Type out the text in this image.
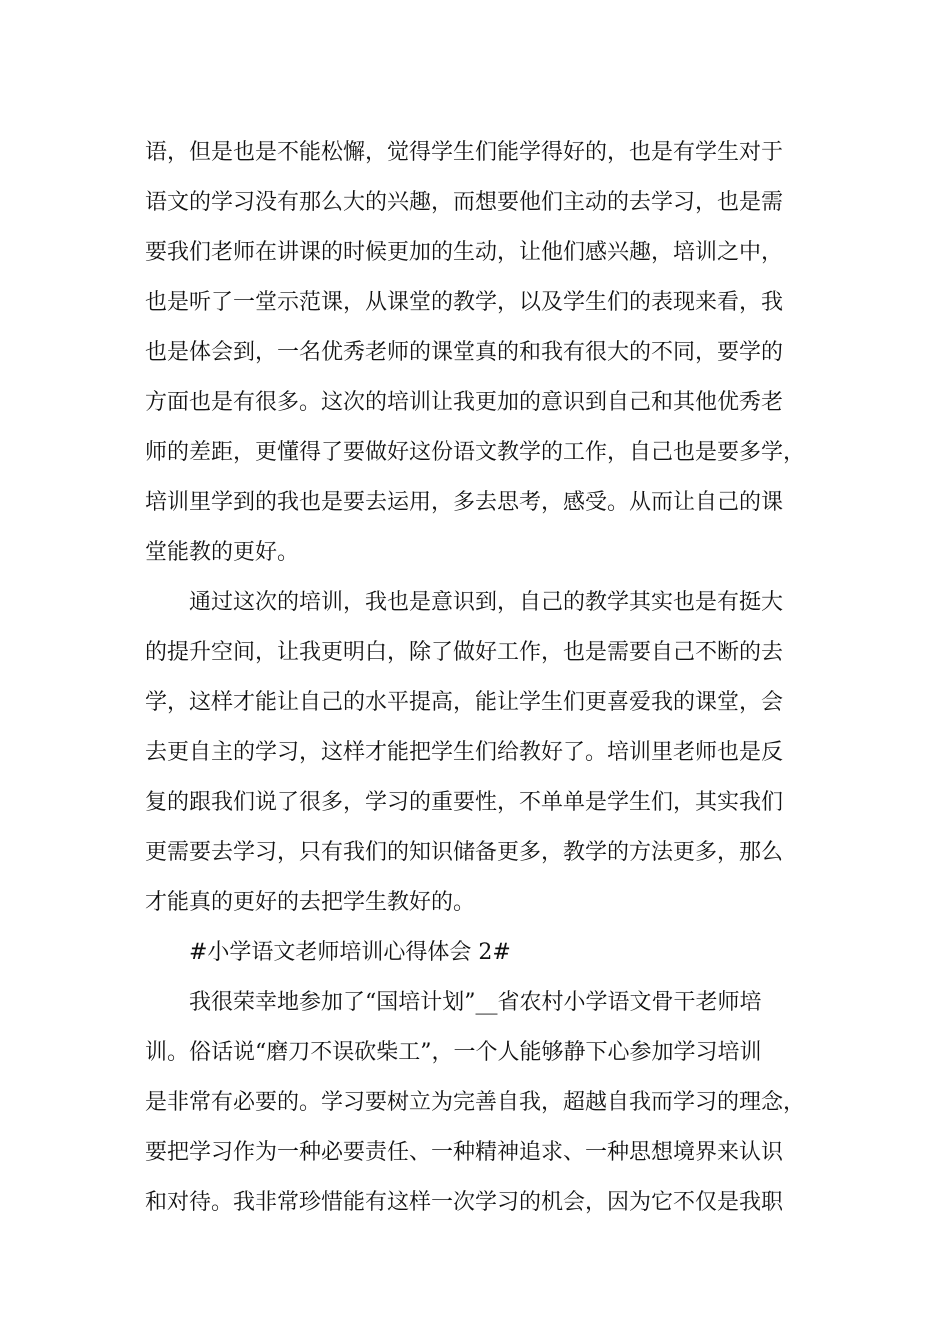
语，但是也是不能松懈，觉得学生们能学得好的，也是有学生对于
语文的学习没有那么大的兴趣，而想要他们主动的去学习，也是需
要我们老师在讲课的时候更加的生动，让他们感兴趣，培训之中，
也是听了一堂示范课，从课堂的教学，以及学生们的表现来看，我
也是体会到，一名优秀老师的课堂真的和我有很大的不同，要学的
方面也是有很多。这次的培训让我更加的意识到自己和其他优秀老
师的差距，更懂得了要做好这份语文教学的工作，自己也是要多学，
培训里学到的我也是要去运用，多去思考，感受。从而让自己的课
堂能教的更好。
通过这次的培训，我也是意识到，自己的教学其实也是有挺大
的提升空间，让我更明白，除了做好工作，也是需要自己不断的去
学，这样才能让自己的水平提高，能让学生们更喜爱我的课堂，会
去更自主的学习，这样才能把学生们给教好了。培训里老师也是反
复的跟我们说了很多，学习的重要性，不单单是学生们，其实我们
更需要去学习，只有我们的知识储备更多，教学的方法更多，那么
才能真的更好的去把学生教好的。
#小学语文老师培训心得体会 2#
我很荣幸地参加了“国培计划”__省农村小学语文骨干老师培
训。俗话说“磨刀不误砍柴工”，一个人能够静下心参加学习培训
是非常有必要的。学习要树立为完善自我，超越自我而学习的理念，
要把学习作为一种必要责任、一种精神追求、一种思想境界来认识
和对待。我非常珍惜能有这样一次学习的机会，因为它不仅是我职
